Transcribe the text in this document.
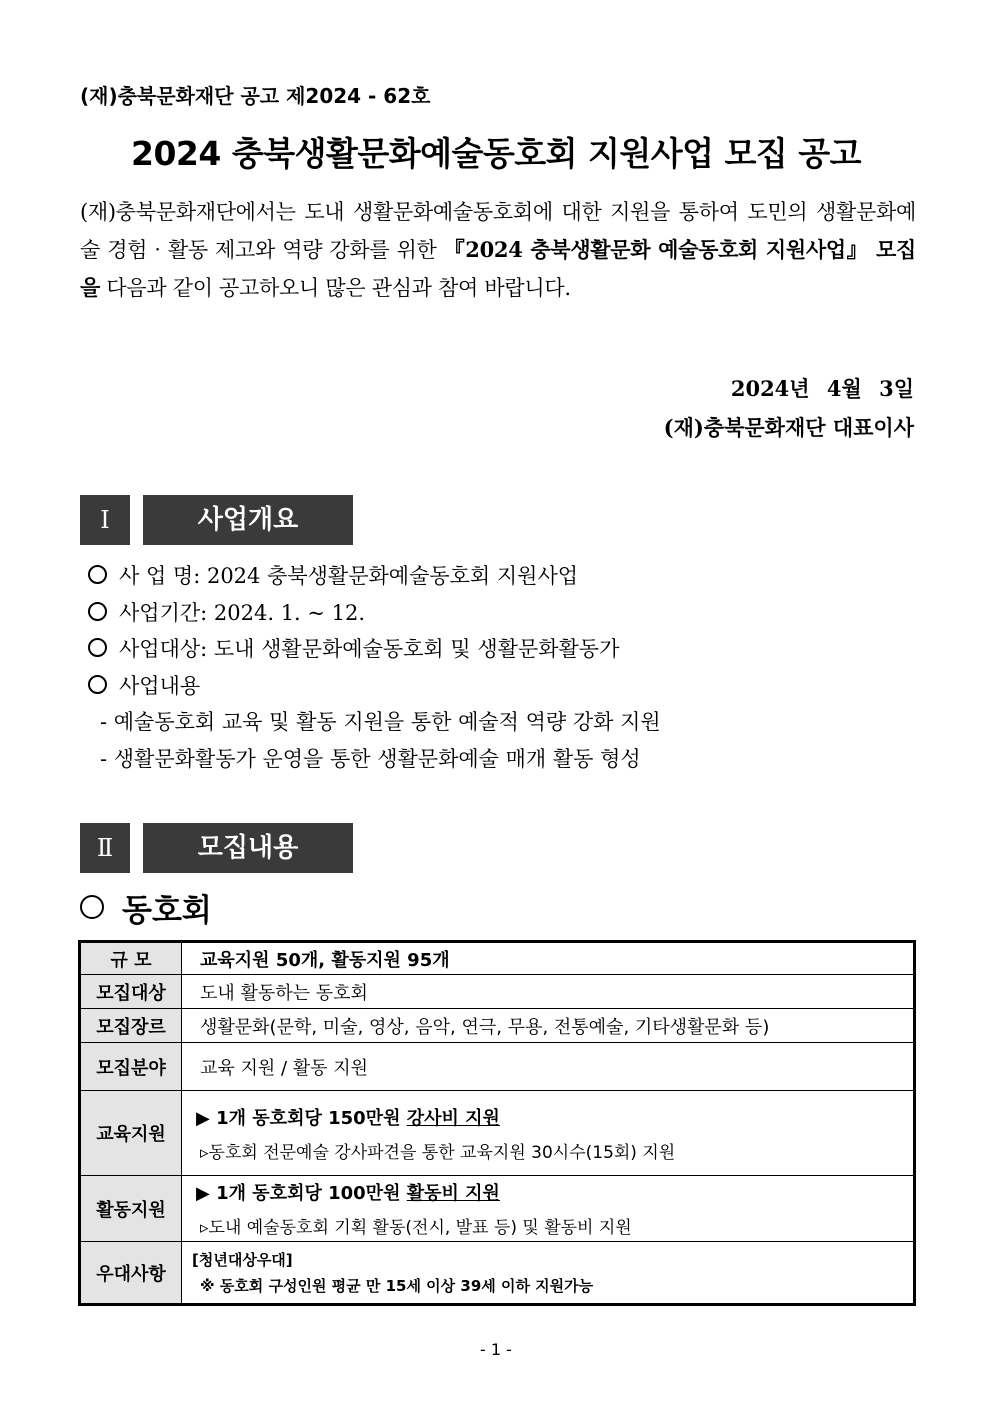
(재)충북문화재단 공고 제2024 - 62호
2024 충북생활문화예술동호회 지원사업 모집 공고
(재)충북문화재단에서는 도내 생활문화예술동호회에 대한 지원을 통하여 도민의 생활문화예술 경험‧활동 제고와 역량 강화를 위한 『2024 충북생활문화 예술동호회 지원사업』 모집을 다음과 같이 공고하오니 많은 관심과 참여 바랍니다.
2024년 4월 3일
(재)충북문화재단 대표이사
Ⅰ	사업개요
사 업 명: 2024 충북생활문화예술동호회 지원사업
사업기간: 2024. 1. ~ 12.
사업대상: 도내 생활문화예술동호회 및 생활문화활동가
사업내용
- 예술동호회 교육 및 활동 지원을 통한 예술적 역량 강화 지원
- 생활문화활동가 운영을 통한 생활문화예술 매개 활동 형성
Ⅱ	모집내용
동호회
규 모	교육지원 50개, 활동지원 95개
모집대상	도내 활동하는 동호회
모집장르	생활문화(문학, 미술, 영상, 음악, 연극, 무용, 전통예술, 기타생활문화 등)
모집분야	교육 지원 / 활동 지원
교육지원	▶ 1개 동호회당 150만원 강사비 지원
▹동호회 전문예술 강사파견을 통한 교육지원 30시수(15회) 지원

활동지원	▶ 1개 동호회당 100만원 활동비 지원
▹도내 예술동호회 기획 활동(전시, 발표 등) 및 활동비 지원

우대사항	[청년대상우대]
※ 동호회 구성인원 평균 만 15세 이상 39세 이하 지원가능
- 1 -
